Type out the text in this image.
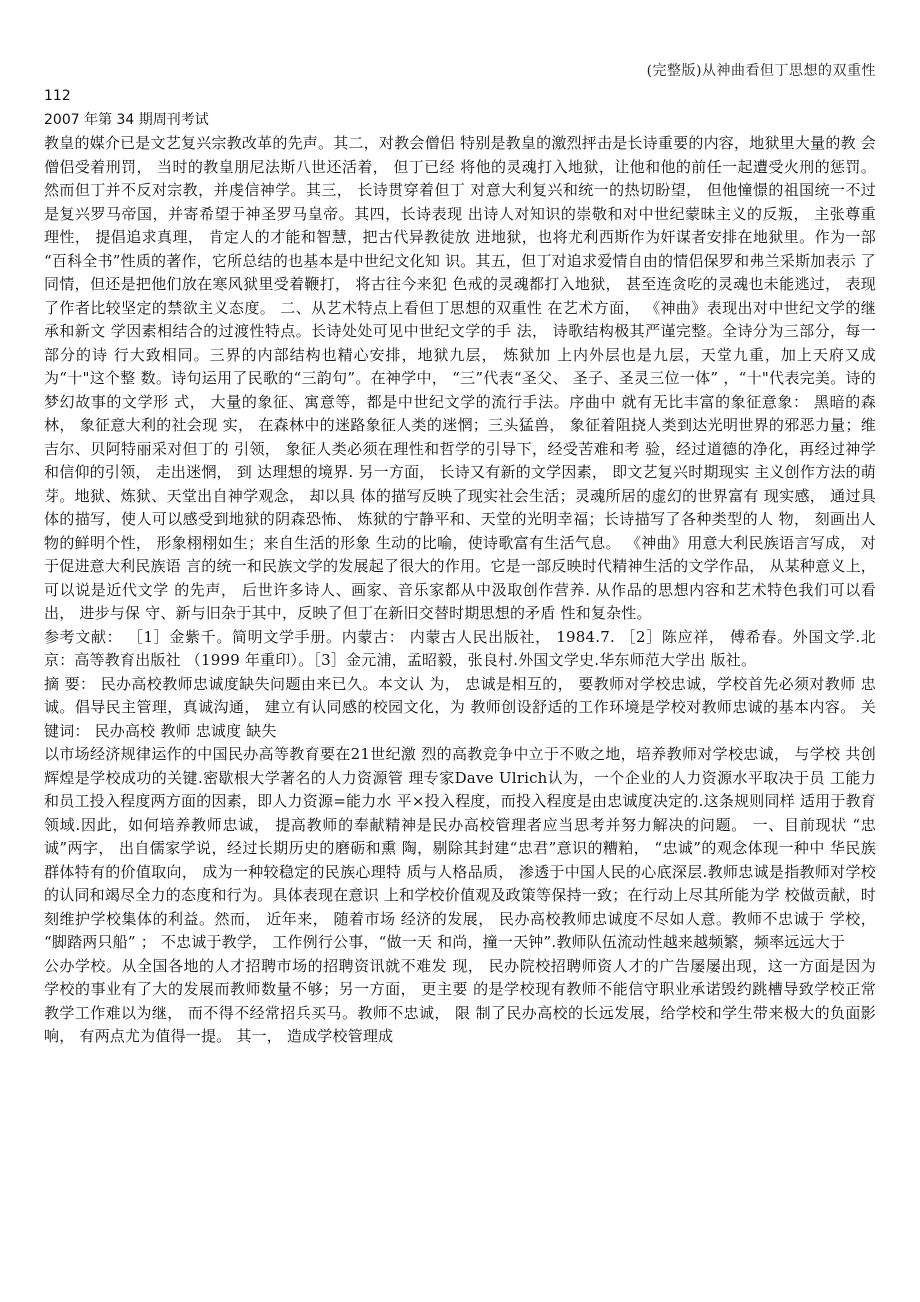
(完整版)从神曲看但丁思想的双重性
112
2007 年第 34 期周刊考试

教皇的媒介已是文艺复兴宗教改革的先声。其二，对教会僧侣 特别是教皇的激烈抨击是长诗重要的内容，地狱里大量的教 会僧侣受着刑罚， 当时的教皇朋尼法斯八世还活着， 但丁已经 将他的灵魂打入地狱，让他和他的前任一起遭受火刑的惩罚。 然而但丁并不反对宗教，并虔信神学。其三， 长诗贯穿着但丁 对意大利复兴和统一的热切盼望， 但他憧憬的祖国统一不过 是复兴罗马帝国，并寄希望于神圣罗马皇帝。其四，长诗表现 出诗人对知识的崇敬和对中世纪蒙昧主义的反叛， 主张尊重 理性， 提倡追求真理， 肯定人的才能和智慧，把古代异教徒放 进地狱，也将尤利西斯作为奸谋者安排在地狱里。作为一部 “百科全书”性质的著作，它所总结的也基本是中世纪文化知 识。其五，但丁对追求爱情自由的情侣保罗和弗兰采斯加表示 了同情，但还是把他们放在寒风狱里受着鞭打， 将古往今来犯 色戒的灵魂都打入地狱， 甚至连贪吃的灵魂也未能逃过， 表现 了作者比较坚定的禁欲主义态度。 二、从艺术特点上看但丁思想的双重性 在艺术方面， 《神曲》表现出对中世纪文学的继承和新文 学因素相结合的过渡性特点。长诗处处可见中世纪文学的手 法， 诗歌结构极其严谨完整。全诗分为三部分，每一部分的诗 行大致相同。三界的内部结构也精心安排，地狱九层， 炼狱加 上内外层也是九层，天堂九重，加上天府又成为“十"这个整 数。诗句运用了民歌的“三韵句”。在神学中， “三”代表“圣父、 圣子、圣灵三位一体” ，“十"代表完美。诗的梦幻故事的文学形 式， 大量的象征、寓意等，都是中世纪文学的流行手法。序曲中 就有无比丰富的象征意象： 黑暗的森林， 象征意大利的社会现 实， 在森林中的迷路象征人类的迷惘；三头猛兽， 象征着阻挠人类到达光明世界的邪恶力量；维吉尔、贝阿特丽采对但丁的 引领， 象征人类必须在理性和哲学的引导下，经受苦难和考 验，经过道德的净化，再经过神学和信仰的引领， 走出迷惘， 到 达理想的境界. 另一方面， 长诗又有新的文学因素， 即文艺复兴时期现实 主义创作方法的萌芽。地狱、炼狱、天堂出自神学观念， 却以具 体的描写反映了现实社会生活；灵魂所居的虚幻的世界富有 现实感， 通过具体的描写，使人可以感受到地狱的阴森恐怖、 炼狱的宁静平和、天堂的光明幸福；长诗描写了各种类型的人 物， 刻画出人物的鲜明个性， 形象栩栩如生；来自生活的形象 生动的比喻，使诗歌富有生活气息。 《神曲》用意大利民族语言写成， 对于促进意大利民族语 言的统一和民族文学的发展起了很大的作用。它是一部反映时代精神生活的文学作品， 从某种意义上， 可以说是近代文学 的先声， 后世许多诗人、画家、音乐家都从中汲取创作营养. 从作品的思想内容和艺术特色我们可以看出， 进步与保 守、新与旧杂于其中，反映了但丁在新旧交替时期思想的矛盾 性和复杂性。

参考文献： ［1］金紫千。简明文学手册。内蒙古： 内蒙古人民出版社， 1984.7. ［2］陈应祥， 傅希春。外国文学.北京：高等教育出版社 （1999 年重印）。［3］金元浦，孟昭毅，张良村.外国文学史.华东师范大学出 版社。

摘 要： 民办高校教师忠诚度缺失问题由来已久。本文认 为， 忠诚是相互的， 要教师对学校忠诚，学校首先必须对教师 忠诚。倡导民主管理，真诚沟通， 建立有认同感的校园文化，为 教师创设舒适的工作环境是学校对教师忠诚的基本内容。 关键词： 民办高校 教师 忠诚度 缺失

以市场经济规律运作的中国民办高等教育要在21世纪激 烈的高教竞争中立于不败之地，培养教师对学校忠诚， 与学校 共创辉煌是学校成功的关键.密歇根大学著名的人力资源管 理专家Dave Ulrich认为，一个企业的人力资源水平取决于员 工能力和员工投入程度两方面的因素，即人力资源=能力水 平×投入程度，而投入程度是由忠诚度决定的.这条规则同样 适用于教育领域.因此，如何培养教师忠诚， 提高教师的奉献精神是民办高校管理者应当思考并努力解决的问题。 一、目前现状 “忠诚”两字， 出自儒家学说，经过长期历史的磨砺和熏 陶，剔除其封建“忠君”意识的糟粕， “忠诚”的观念体现一种中 华民族群体特有的价值取向， 成为一种较稳定的民族心理特 质与人格品质， 渗透于中国人民的心底深层.教师忠诚是指教师对学校的认同和竭尽全力的态度和行为。具体表现在意识 上和学校价值观及政策等保持一致；在行动上尽其所能为学 校做贡献，时刻维护学校集体的利益。然而， 近年来， 随着市场 经济的发展， 民办高校教师忠诚度不尽如人意。教师不忠诚于 学校， “脚踏两只船” ； 不忠诚于教学， 工作例行公事，“做一天 和尚，撞一天钟”.教师队伍流动性越来越频繁，频率远远大于

公办学校。从全国各地的人才招聘市场的招聘资讯就不难发 现， 民办院校招聘师资人才的广告屡屡出现，这一方面是因为 学校的事业有了大的发展而教师数量不够；另一方面， 更主要 的是学校现有教师不能信守职业承诺毁约跳槽导致学校正常 教学工作难以为继， 而不得不经常招兵买马。教师不忠诚， 限 制了民办高校的长远发展，给学校和学生带来极大的负面影 响， 有两点尤为值得一提。 其一， 造成学校管理成
